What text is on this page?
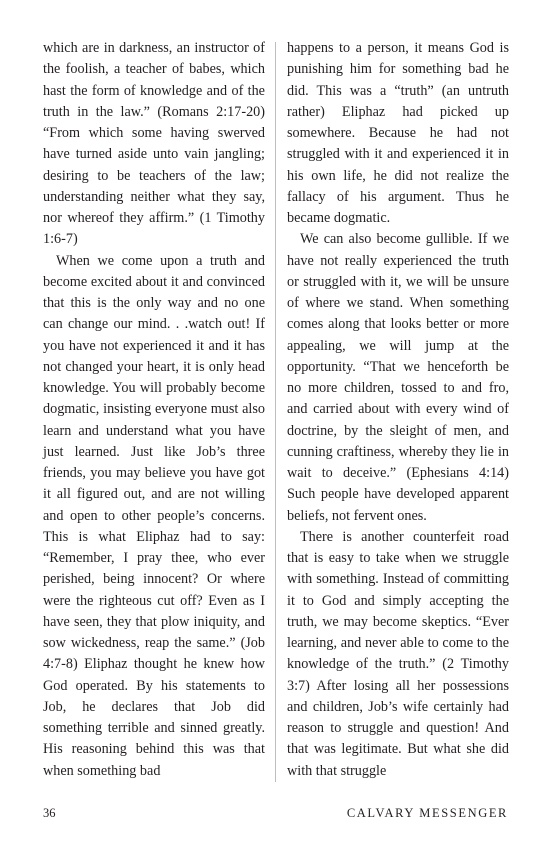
which are in darkness, an instructor of the foolish, a teacher of babes, which hast the form of knowledge and of the truth in the law.” (Romans 2:17-20) “From which some having swerved have turned aside unto vain jangling; desiring to be teachers of the law; understanding neither what they say, nor whereof they affirm.” (1 Timothy 1:6-7)

When we come upon a truth and become excited about it and convinced that this is the only way and no one can change our mind. . .watch out! If you have not experienced it and it has not changed your heart, it is only head knowledge. You will probably become dogmatic, insisting everyone must also learn and understand what you have just learned. Just like Job’s three friends, you may believe you have got it all figured out, and are not willing and open to other people’s concerns. This is what Eliphaz had to say: “Remember, I pray thee, who ever perished, being innocent? Or where were the righteous cut off? Even as I have seen, they that plow iniquity, and sow wickedness, reap the same.” (Job 4:7-8) Eliphaz thought he knew how God operated. By his statements to Job, he declares that Job did something terrible and sinned greatly. His reasoning behind this was that when something bad

happens to a person, it means God is punishing him for something bad he did. This was a “truth” (an untruth rather) Eliphaz had picked up somewhere. Because he had not struggled with it and experienced it in his own life, he did not realize the fallacy of his argument. Thus he became dogmatic.

We can also become gullible. If we have not really experienced the truth or struggled with it, we will be unsure of where we stand. When something comes along that looks better or more appealing, we will jump at the opportunity. “That we henceforth be no more children, tossed to and fro, and carried about with every wind of doctrine, by the sleight of men, and cunning craftiness, whereby they lie in wait to deceive.” (Ephesians 4:14) Such people have developed apparent beliefs, not fervent ones.

There is another counterfeit road that is easy to take when we struggle with something. Instead of committing it to God and simply accepting the truth, we may become skeptics. “Ever learning, and never able to come to the knowledge of the truth.” (2 Timothy 3:7) After losing all her possessions and children, Job’s wife certainly had reason to struggle and question! And that was legitimate. But what she did with that struggle

36	CALVARY MESSENGER
